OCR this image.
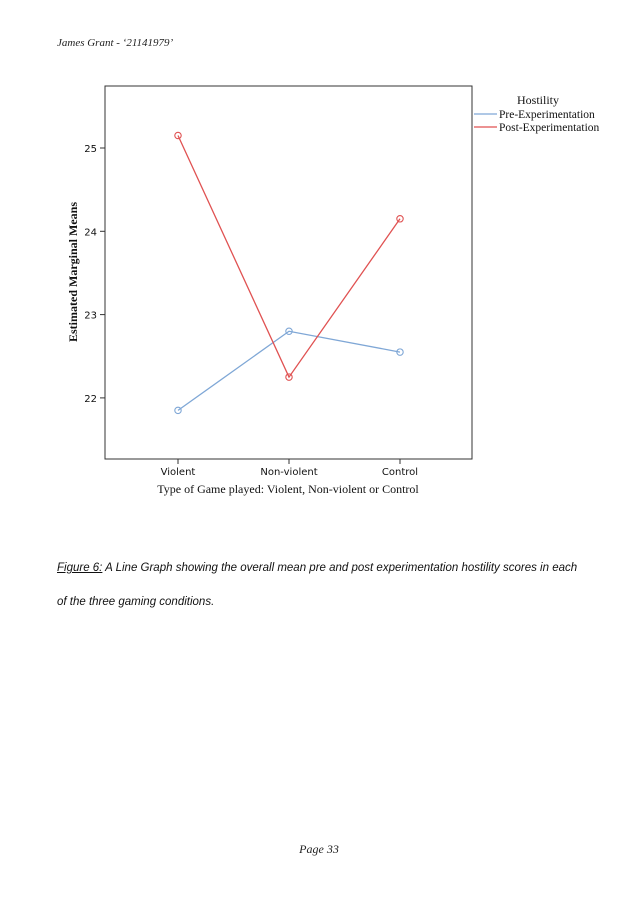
James Grant - ‘21141979’
22
23
24
25
Violent	Non-violent	Control
Estimated Marginal Means
Type of Game played: Violent, Non-violent or Control
Hostility
Pre-Experimentation
Post-Experimentation
Figure 6: A Line Graph showing the overall mean pre and post experimentation hostility scores in each of the three gaming conditions.
Page 33
